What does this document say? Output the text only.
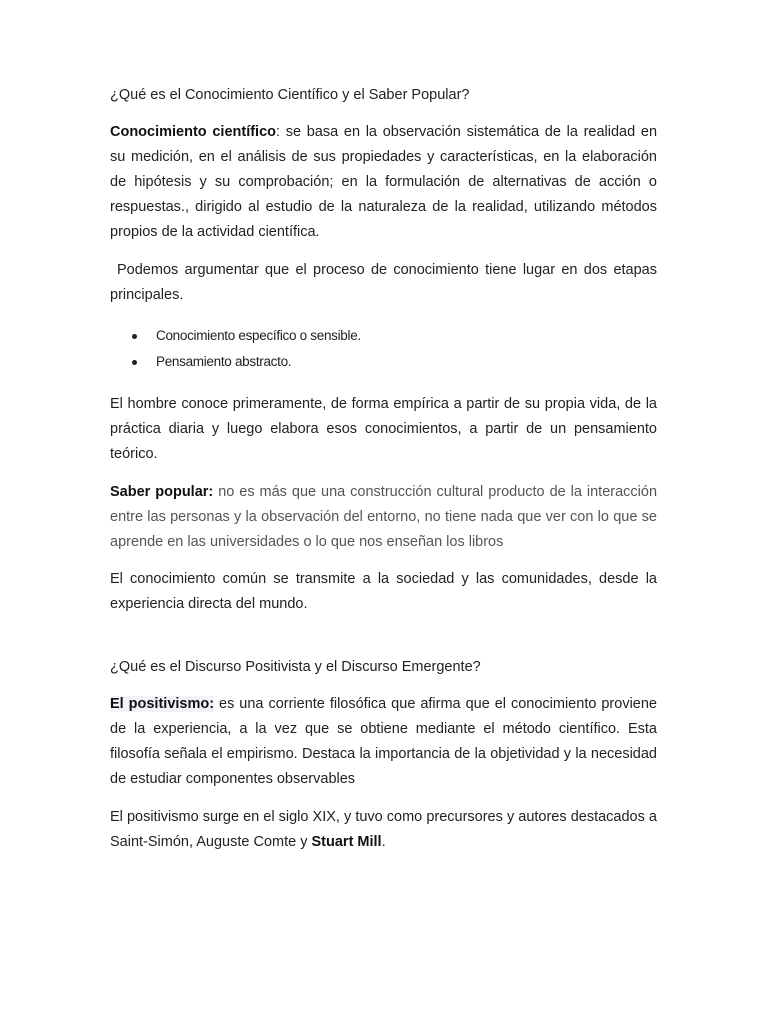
¿Qué es el Conocimiento Científico y el Saber Popular?

Conocimiento científico: se basa en la observación sistemática de la realidad en su medición, en el análisis de sus propiedades y características, en la elaboración de hipótesis y su comprobación; en la formulación de alternativas de acción o respuestas., dirigido al estudio de la naturaleza de la realidad, utilizando métodos propios de la actividad científica.

Podemos argumentar que el proceso de conocimiento tiene lugar en dos etapas principales.

Conocimiento específico o sensible.
Pensamiento abstracto.

El hombre conoce primeramente, de forma empírica a partir de su propia vida, de la práctica diaria y luego elabora esos conocimientos, a partir de un pensamiento teórico.

Saber popular: no es más que una construcción cultural producto de la interacción entre las personas y la observación del entorno, no tiene nada que ver con lo que se aprende en las universidades o lo que nos enseñan los libros

El conocimiento común se transmite a la sociedad y las comunidades, desde la experiencia directa del mundo.

¿Qué es el Discurso Positivista y el Discurso Emergente?

El positivismo: es una corriente filosófica que afirma que el conocimiento proviene de la experiencia, a la vez que se obtiene mediante el método científico. Esta filosofía señala el empirismo. Destaca la importancia de la objetividad y la necesidad de estudiar componentes observables

El positivismo surge en el siglo XIX, y tuvo como precursores y autores destacados a Saint-Simón, Auguste Comte y Stuart Mill.
